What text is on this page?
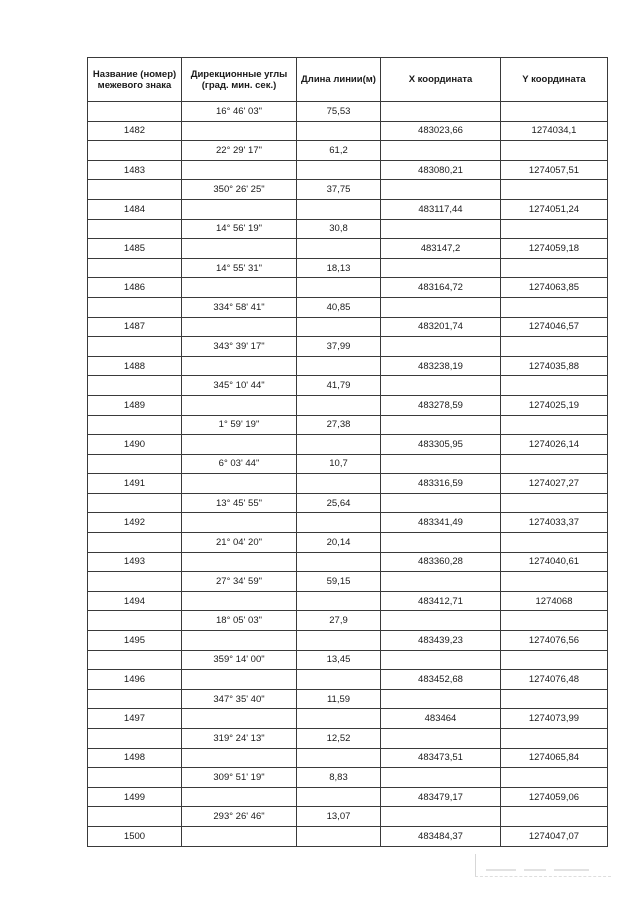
Название (номер) межевого знака	Дирекционные углы (град. мин. сек.)	Длина линии(м)	X координата	Y координата
	16° 46' 03"	75,53		
1482			483023,66	1274034,1
	22° 29' 17"	61,2		
1483			483080,21	1274057,51
	350° 26' 25"	37,75		
1484			483117,44	1274051,24
	14° 56' 19"	30,8		
1485			483147,2	1274059,18
	14° 55' 31"	18,13		
1486			483164,72	1274063,85
	334° 58' 41"	40,85		
1487			483201,74	1274046,57
	343° 39' 17"	37,99		
1488			483238,19	1274035,88
	345° 10' 44"	41,79		
1489			483278,59	1274025,19
	1° 59' 19"	27,38		
1490			483305,95	1274026,14
	6° 03' 44"	10,7		
1491			483316,59	1274027,27
	13° 45' 55"	25,64		
1492			483341,49	1274033,37
	21° 04' 20"	20,14		
1493			483360,28	1274040,61
	27° 34' 59"	59,15		
1494			483412,71	1274068
	18° 05' 03"	27,9		
1495			483439,23	1274076,56
	359° 14' 00"	13,45		
1496			483452,68	1274076,48
	347° 35' 40"	11,59		
1497			483464	1274073,99
	319° 24' 13"	12,52		
1498			483473,51	1274065,84
	309° 51' 19"	8,83		
1499			483479,17	1274059,06
	293° 26' 46"	13,07		
1500			483484,37	1274047,07
